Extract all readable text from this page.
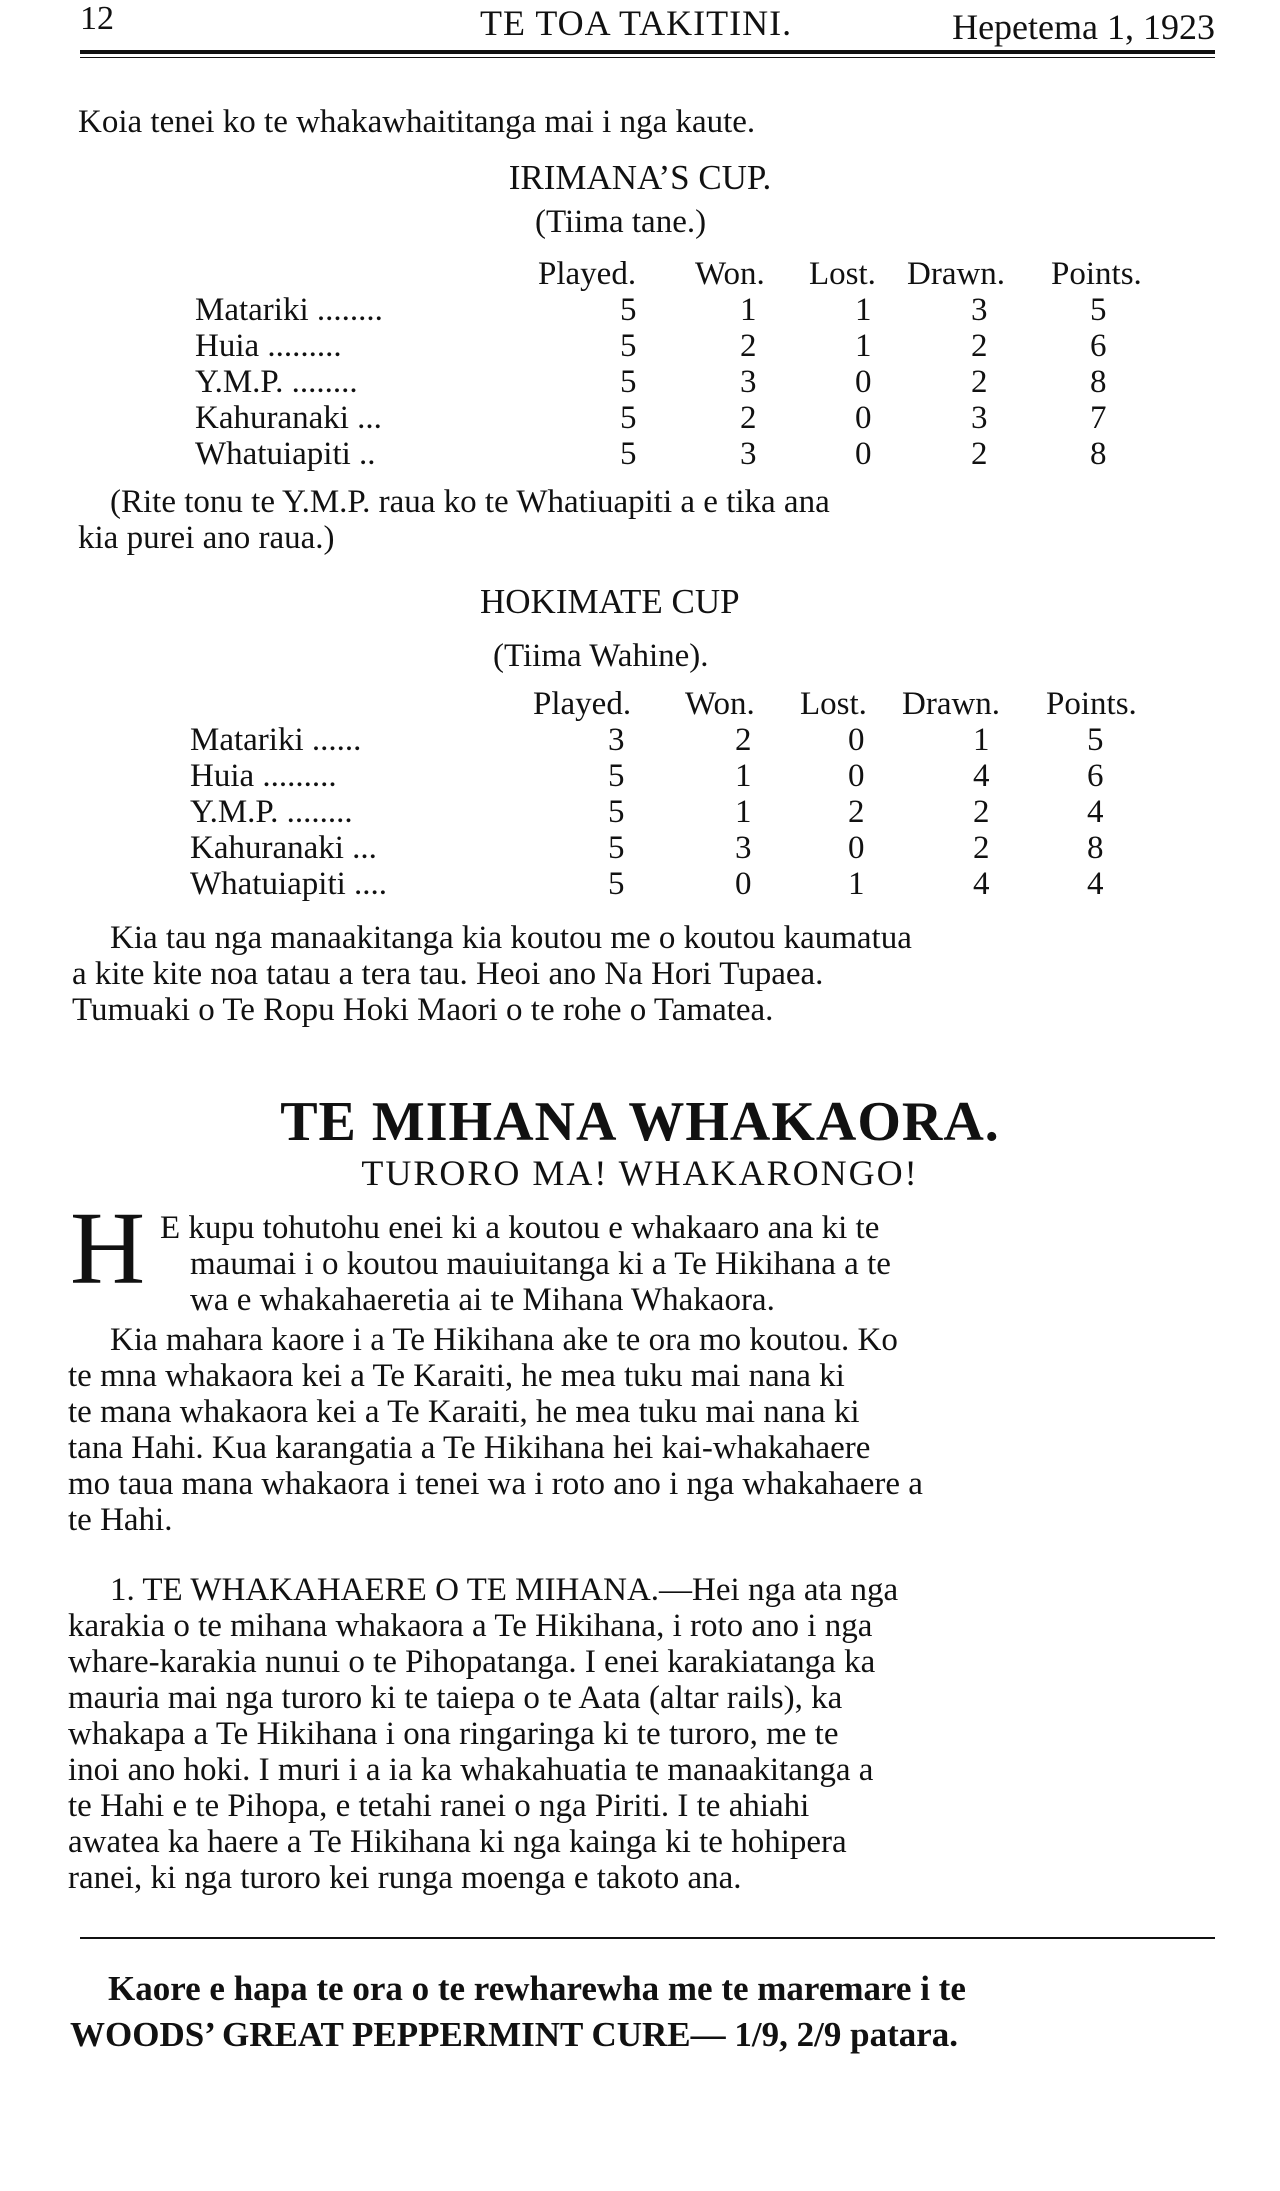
12	TE TOA TAKITINI.	Hepetema 1, 1923

Koia tenei ko te whakawhaititanga mai i nga kaute.

IRIMANA’S CUP.

(Tiima tane.)

Played. Won. Lost. Drawn. Points.
Matariki ........	5	1	1	3	5
Huia .........	5	2	1	2	6
Y.M.P. ........	5	3	0	2	8
Kahuranaki ...	5	2	0	3	7
Whatuiapiti ..	5	3	0	2	8

(Rite tonu te Y.M.P. raua ko te Whatiuapiti a e tika ana

kia purei ano raua.)

HOKIMATE CUP

(Tiima Wahine).

Played. Won. Lost. Drawn. Points.
Matariki ......	3	2	0	1	5
Huia .........	5	1	0	4	6
Y.M.P. ........	5	1	2	2	4
Kahuranaki ...	5	3	0	2	8
Whatuiapiti ....	5	0	1	4	4

Kia tau nga manaakitanga kia koutou me o koutou kaumatua

a kite kite noa tatau a tera tau. Heoi ano Na Hori Tupaea.

Tumuaki o Te Ropu Hoki Maori o te rohe o Tamatea.

TE MIHANA WHAKAORA.
TURORO MA! WHAKARONGO!
H E kupu tohutohu enei ki a koutou e whakaaro ana ki te

maumai i o koutou mauiuitanga ki a Te Hikihana a te

wa e whakahaeretia ai te Mihana Whakaora.

Kia mahara kaore i a Te Hikihana ake te ora mo koutou. Ko

te mna whakaora kei a Te Karaiti, he mea tuku mai nana ki

te mana whakaora kei a Te Karaiti, he mea tuku mai nana ki

tana Hahi. Kua karangatia a Te Hikihana hei kai-whakahaere

mo taua mana whakaora i tenei wa i roto ano i nga whakahaere a

te Hahi.

1. TE WHAKAHAERE O TE MIHANA.—Hei nga ata nga

karakia o te mihana whakaora a Te Hikihana, i roto ano i nga

whare-karakia nunui o te Pihopatanga. I enei karakiatanga ka

mauria mai nga turoro ki te taiepa o te Aata (altar rails), ka

whakapa a Te Hikihana i ona ringaringa ki te turoro, me te

inoi ano hoki. I muri i a ia ka whakahuatia te manaakitanga a

te Hahi e te Pihopa, e tetahi ranei o nga Piriti. I te ahiahi

awatea ka haere a Te Hikihana ki nga kainga ki te hohipera

ranei, ki nga turoro kei runga moenga e takoto ana.

Kaore e hapa te ora o te rewharewha me te maremare i te
WOODS’ GREAT PEPPERMINT CURE— 1/9, 2/9 patara.
